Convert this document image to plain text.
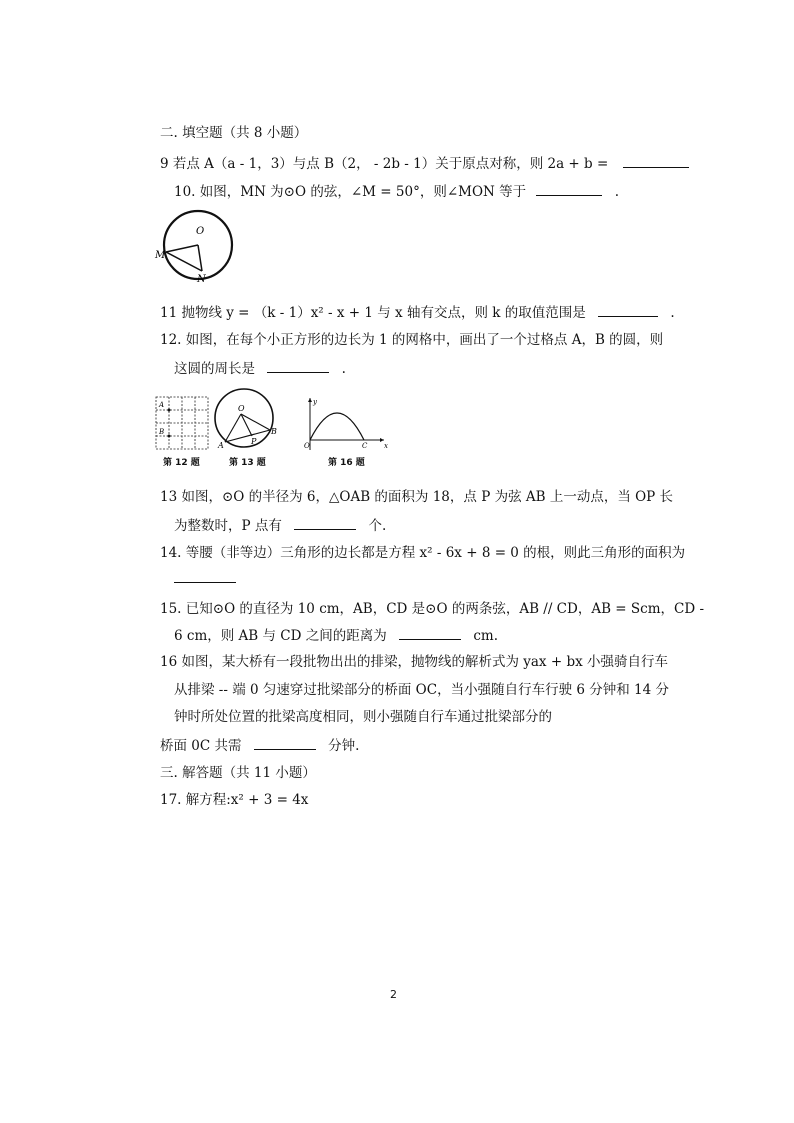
二. 填空题（共 8 小题）
9 若点 A（a - 1，3）与点 B（2， - 2b - 1）关于原点对称，则 2a + b =
10. 如图，MN 为⊙O 的弦，∠M = 50°，则∠MON 等于	.
O
M
N
11 抛物线 y = （k - 1）x² - x + 1 与 x 轴有交点，则 k 的取值范围是	.
12. 如图，在每个小正方形的边长为 1 的网格中，画出了一个过格点 A，B 的圆，则
这圆的周长是	.
A
B
第 12 题
O
A
B
P
第 13 题
y
O	C x
第 16 题
13 如图，⊙O 的半径为 6，△OAB 的面积为 18，点 P 为弦 AB 上一动点，当 OP 长
为整数时，P 点有	个.
14. 等腰（非等边）三角形的边长都是方程 x² - 6x + 8 = 0 的根，则此三角形的面积为
15. 已知⊙O 的直径为 10 cm，AB，CD 是⊙O 的两条弦，AB // CD，AB = Scm，CD -
6 cm，则 AB 与 CD 之间的距离为	cm.
16 如图，某大桥有一段批物出出的排梁，抛物线的解析式为 yax + bx 小强骑自行车
从排梁 -- 端 0 匀速穿过批梁部分的桥面 OC，当小强随自行车行驶 6 分钟和 14 分
钟时所处位置的批梁高度相同，则小强随自行车通过批梁部分的
桥面 0C 共需	分钟.
三. 解答题（共 11 小题）
17. 解方程:x² + 3 = 4x
2
